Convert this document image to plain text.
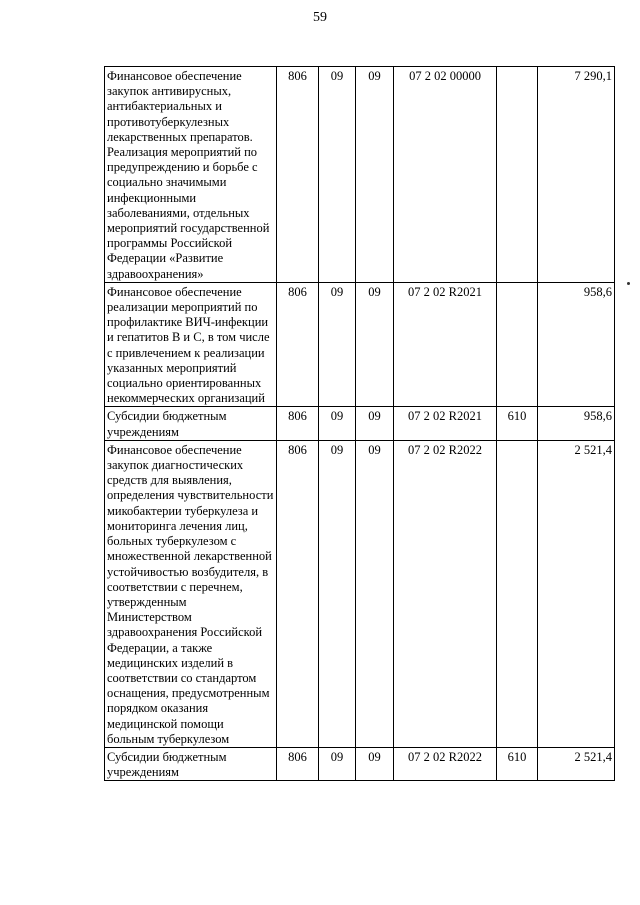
59
Финансовое обеспечение закупок антивирусных, антибактериальных и противотуберкулезных лекарственных препаратов. Реализация мероприятий по предупреждению и борьбе с социально значимыми инфекционными заболеваниями, отдельных мероприятий государственной программы Российской Федерации «Развитие здравоохранения»	806	09	09	07 2 02 00000		7 290,1
Финансовое обеспечение реализации мероприятий по профилактике ВИЧ-инфекции и гепатитов В и С, в том числе с привлечением к реализации указанных мероприятий социально ориентированных некоммерческих организаций	806	09	09	07 2 02 R2021		958,6
Субсидии бюджетным учреждениям	806	09	09	07 2 02 R2021	610	958,6
Финансовое обеспечение закупок диагностических средств для выявления, определения чувствительности микобактерии туберкулеза и мониторинга лечения лиц, больных туберкулезом с множественной лекарственной устойчивостью возбудителя, в соответствии с перечнем, утвержденным Министерством здравоохранения Российской Федерации, а также медицинских изделий в соответствии со стандартом оснащения, предусмотренным порядком оказания медицинской помощи больным туберкулезом	806	09	09	07 2 02 R2022		2 521,4
Субсидии бюджетным учреждениям	806	09	09	07 2 02 R2022	610	2 521,4
